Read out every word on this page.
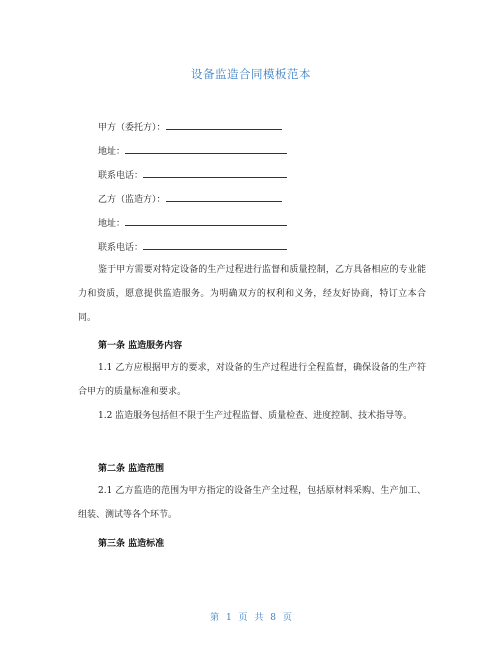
设备监造合同模板范本
甲方（委托方）：
地址：
联系电话：
乙方（监造方）：
地址：
联系电话：
鉴于甲方需要对特定设备的生产过程进行监督和质量控制，乙方具备相应的专业能力和资质，愿意提供监造服务。为明确双方的权利和义务，经友好协商，特订立本合同。
第一条 监造服务内容
1.1 乙方应根据甲方的要求，对设备的生产过程进行全程监督，确保设备的生产符合甲方的质量标准和要求。
1.2 监造服务包括但不限于生产过程监督、质量检查、进度控制、技术指导等。
第二条 监造范围
2.1 乙方监造的范围为甲方指定的设备生产全过程，包括原材料采购、生产加工、组装、测试等各个环节。
第三条 监造标准
第 1 页 共 8 页
